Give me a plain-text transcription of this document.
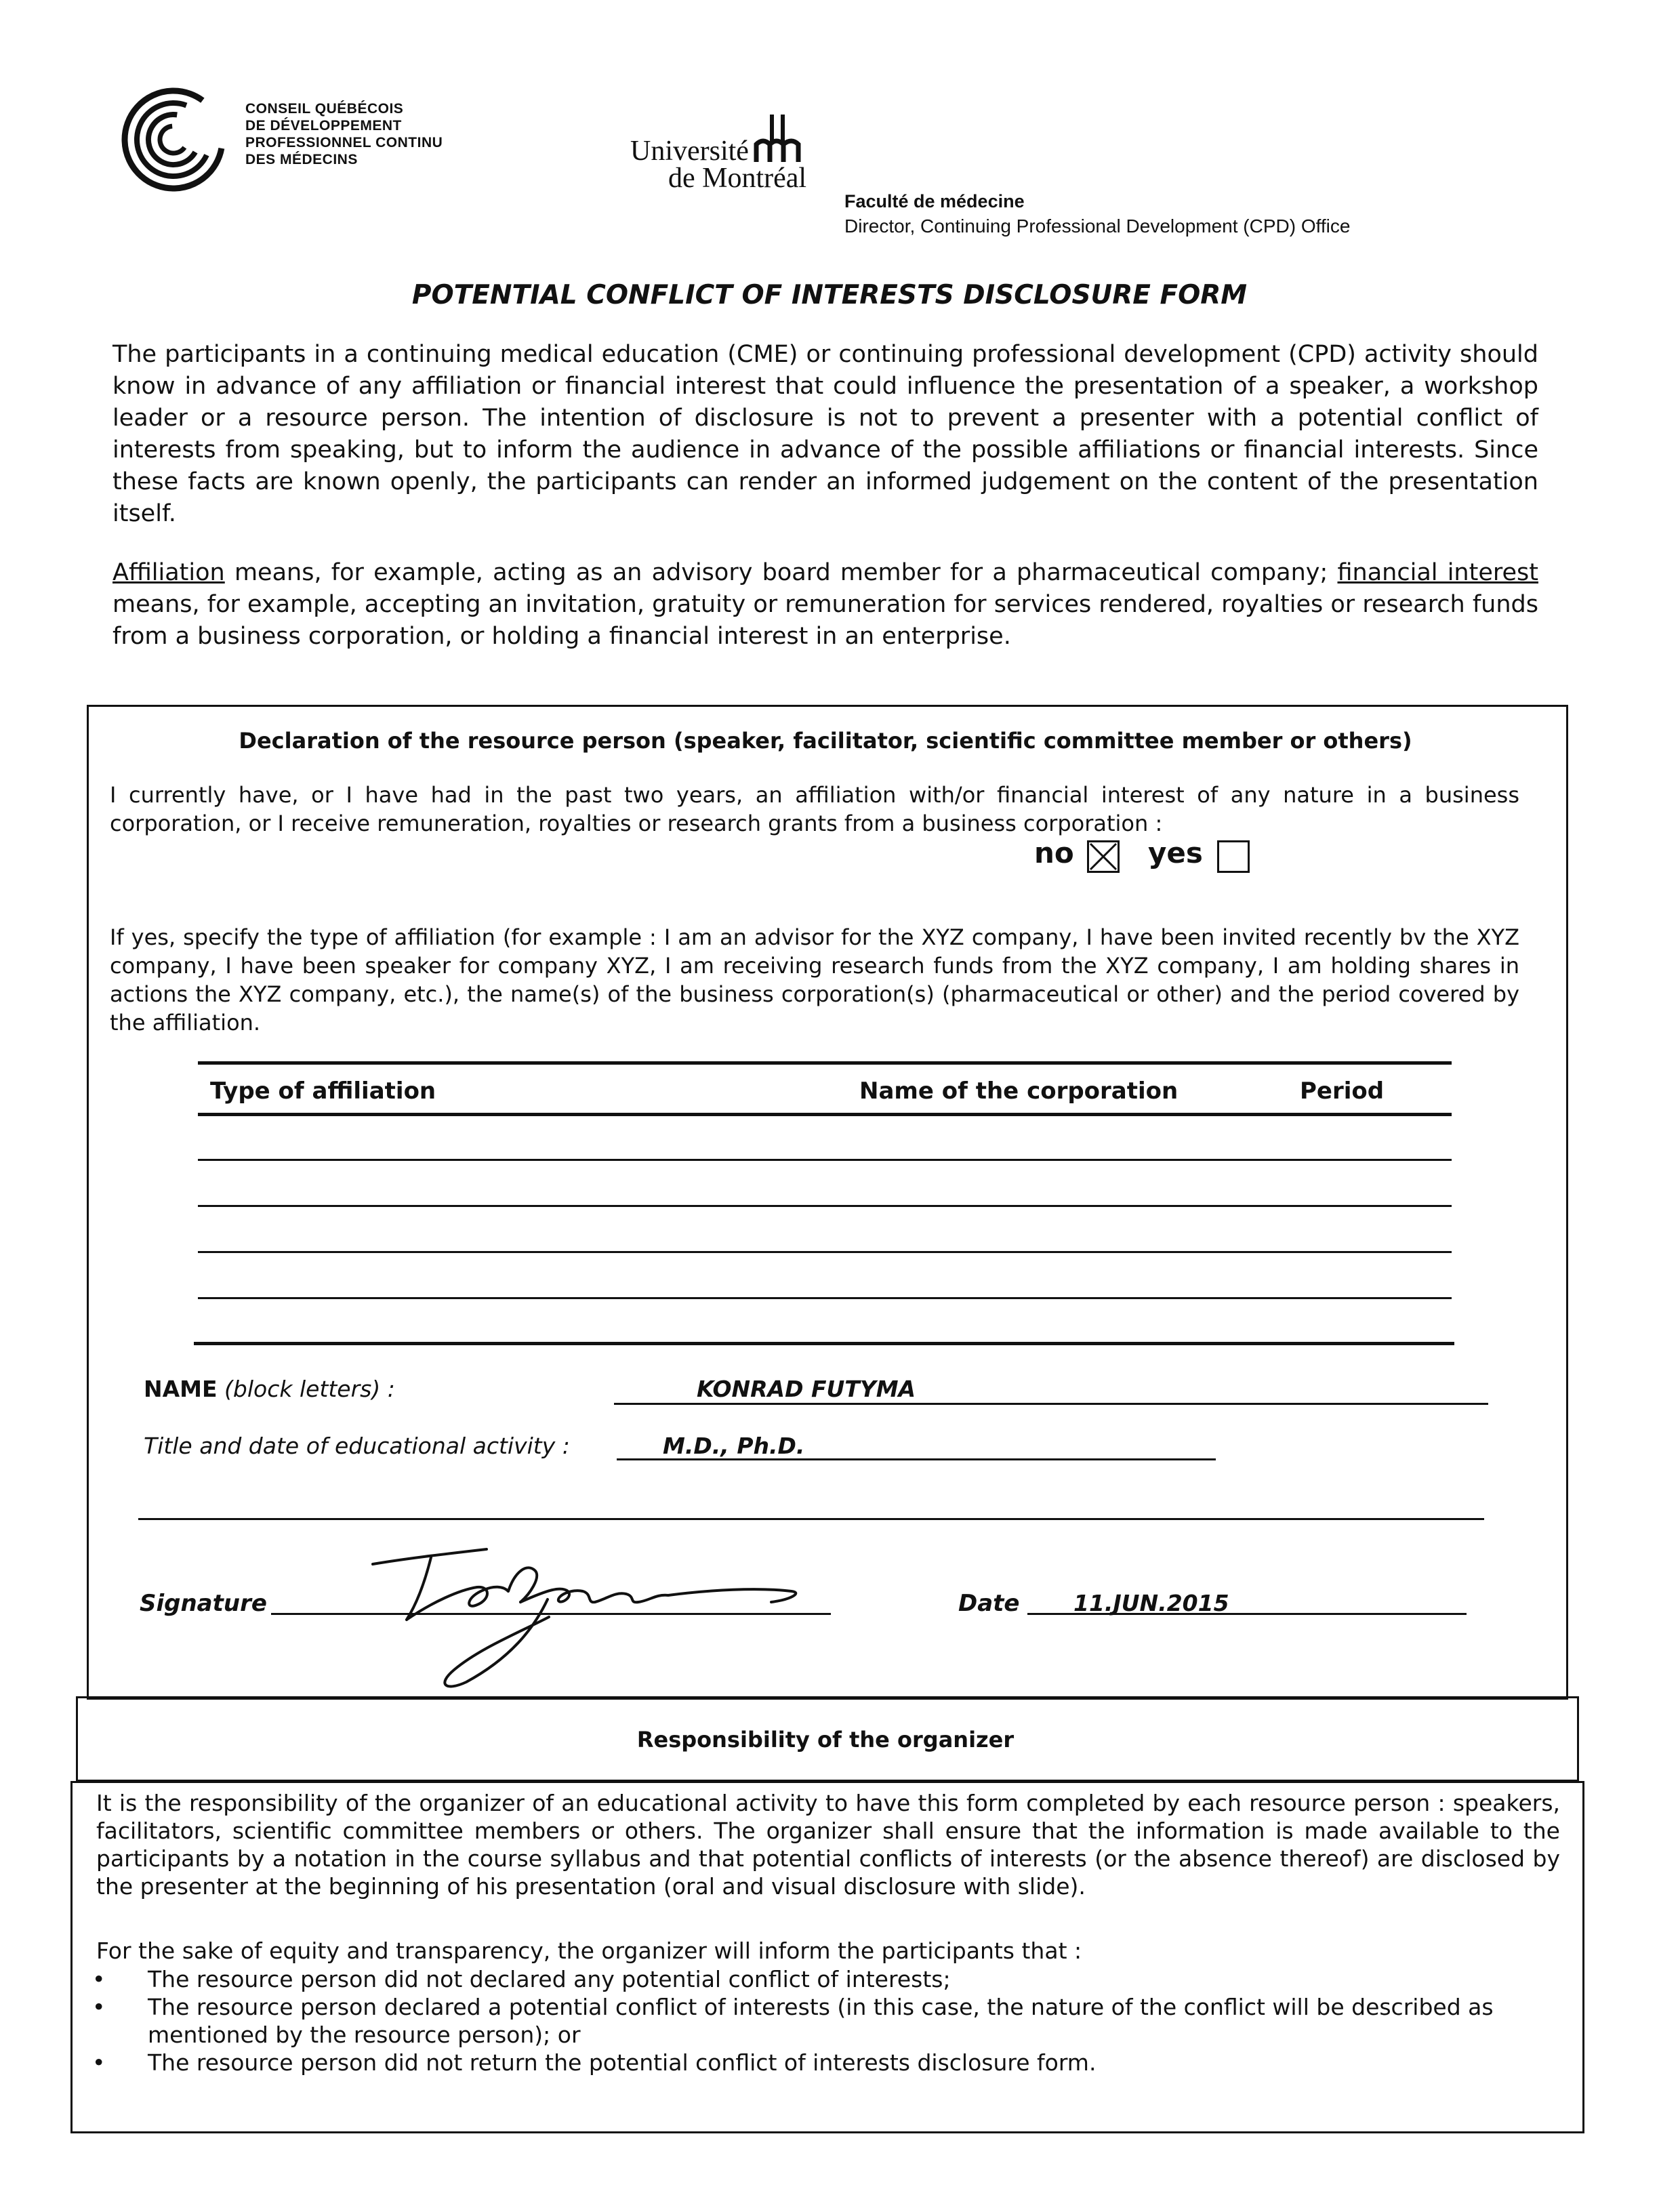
CONSEIL QUÉBÉCOIS
DE DÉVELOPPEMENT
PROFESSIONNEL CONTINU
DES MÉDECINS	Université
de Montréal
Faculté de médecine
Director, Continuing Professional Development (CPD) Office
POTENTIAL CONFLICT OF INTERESTS DISCLOSURE FORM
The participants in a continuing medical education (CME) or continuing professional development (CPD) activity should know in advance of any affiliation or financial interest that could influence the presentation of a speaker, a workshop leader or a resource person. The intention of disclosure is not to prevent a presenter with a potential conflict of interests from speaking, but to inform the audience in advance of the possible affiliations or financial interests. Since these facts are known openly, the participants can render an informed judgement on the content of the presentation itself.
Affiliation means, for example, acting as an advisory board member for a pharmaceutical company; financial interest means, for example, accepting an invitation, gratuity or remuneration for services rendered, royalties or research funds from a business corporation, or holding a financial interest in an enterprise.
Declaration of the resource person (speaker, facilitator, scientific committee member or others)
I currently have, or I have had in the past two years, an affiliation with/or financial interest of any nature in a business corporation, or I receive remuneration, royalties or research grants from a business corporation :
no	yes
If yes, specify the type of affiliation (for example : I am an advisor for the XYZ company, I have been invited recently bv the XYZ company, I have been speaker for company XYZ, I am receiving research funds from the XYZ company, I am holding shares in actions the XYZ company, etc.), the name(s) of the business corporation(s) (pharmaceutical or other) and the period covered by the affiliation.
Type of affiliation	Name of the corporation	Period
NAME (block letters) :	KONRAD FUTYMA
Title and date of educational activity :	M.D., Ph.D.
Signature	Date 11.JUN.2015
Responsibility of the organizer
It is the responsibility of the organizer of an educational activity to have this form completed by each resource person : speakers, facilitators, scientific committee members or others. The organizer shall ensure that the information is made available to the participants by a notation in the course syllabus and that potential conflicts of interests (or the absence thereof) are disclosed by the presenter at the beginning of his presentation (oral and visual disclosure with slide).
For the sake of equity and transparency, the organizer will inform the participants that :
• The resource person did not declared any potential conflict of interests;
• The resource person declared a potential conflict of interests (in this case, the nature of the conflict will be described as mentioned by the resource person); or
• The resource person did not return the potential conflict of interests disclosure form.
